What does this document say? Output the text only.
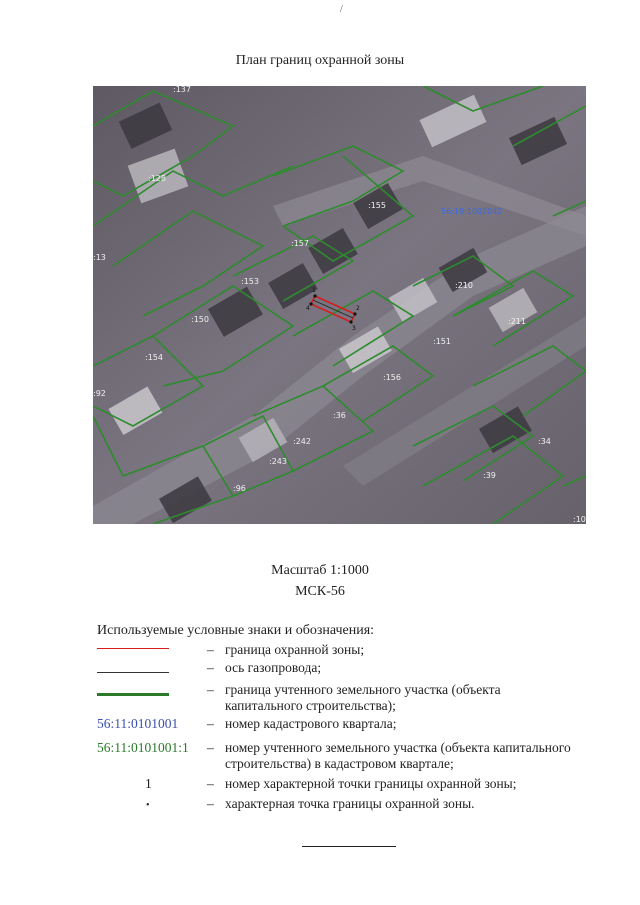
/
План границ охранной зоны
:137
:128
:155
:157
:13
:153	:210
:150	:211
:151
:154
:156
:92
:36
:242	:34
:243
:39
:96
:10
56:19:1002042
1
2
3
4
Масштаб 1:1000
МСК-56
Используемые условные знаки и обозначения:
– граница охранной зоны;
– ось газопровода;
– граница учтенного земельного участка (объекта капитального строительства);
56:11:0101001 – номер кадастрового квартала;
56:11:0101001:1 – номер учтенного земельного участка (объекта капитального строительства) в кадастровом квартале;
1	– номер характерной точки границы охранной зоны;
•	– характерная точка границы охранной зоны.
